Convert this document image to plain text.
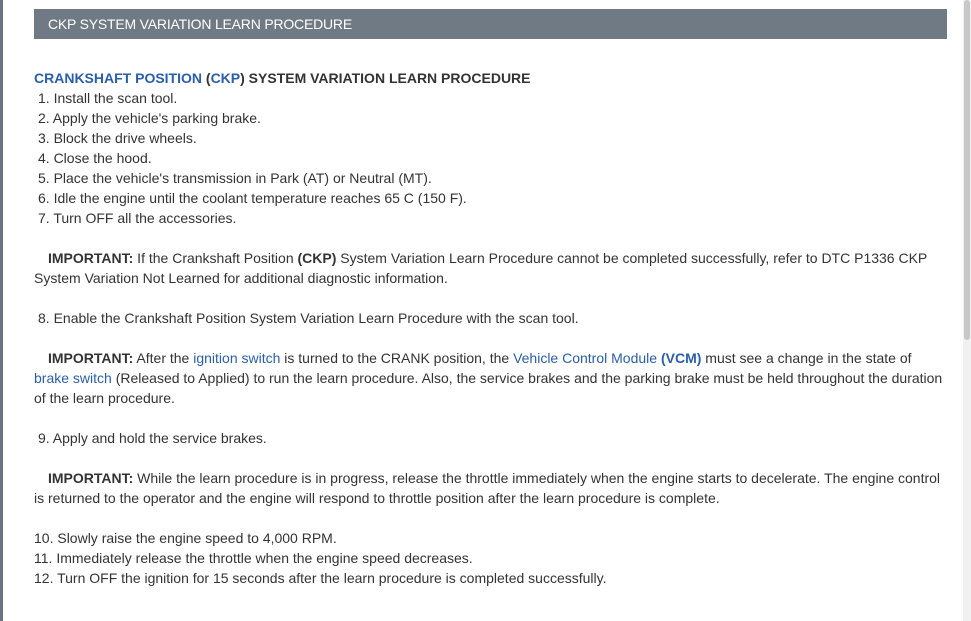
CKP SYSTEM VARIATION LEARN PROCEDURE

CRANKSHAFT POSITION (CKP) SYSTEM VARIATION LEARN PROCEDURE

1. Install the scan tool.

2. Apply the vehicle's parking brake.

3. Block the drive wheels.

4. Close the hood.

5. Place the vehicle's transmission in Park (AT) or Neutral (MT).

6. Idle the engine until the coolant temperature reaches 65 C (150 F).

7. Turn OFF all the accessories.

IMPORTANT: If the Crankshaft Position (CKP) System Variation Learn Procedure cannot be completed successfully, refer to DTC P1336 CKP System Variation Not Learned for additional diagnostic information.

8. Enable the Crankshaft Position System Variation Learn Procedure with the scan tool.

IMPORTANT: After the ignition switch is turned to the CRANK position, the Vehicle Control Module (VCM) must see a change in the state of brake switch (Released to Applied) to run the learn procedure. Also, the service brakes and the parking brake must be held throughout the duration of the learn procedure.

9. Apply and hold the service brakes.

IMPORTANT: While the learn procedure is in progress, release the throttle immediately when the engine starts to decelerate. The engine control is returned to the operator and the engine will respond to throttle position after the learn procedure is complete.

10. Slowly raise the engine speed to 4,000 RPM.

11. Immediately release the throttle when the engine speed decreases.

12. Turn OFF the ignition for 15 seconds after the learn procedure is completed successfully.
